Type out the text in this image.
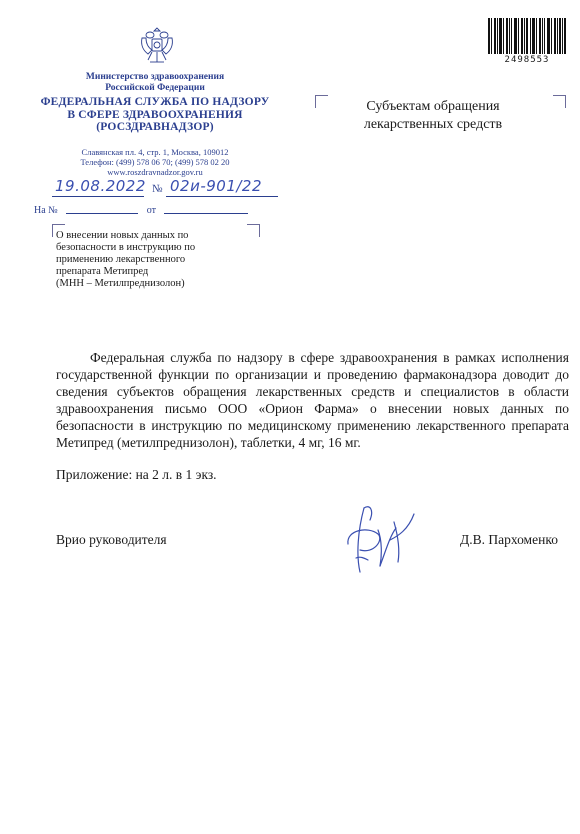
Министерство здравоохранения
Российской Федерации
ФЕДЕРАЛЬНАЯ СЛУЖБА ПО НАДЗОРУ
В СФЕРЕ ЗДРАВООХРАНЕНИЯ
(РОСЗДРАВНАДЗОР)
Славянская пл. 4, стр. 1, Москва, 109012
Телефон: (499) 578 06 70; (499) 578 02 20
www.roszdravnadzor.gov.ru
19.08.2022 № 02и-901/22
На №	от
О внесении новых данных по
безопасности в инструкцию по
применению лекарственного
препарата Метипред
(МНН – Метилпреднизолон)
2498553
Субъектам обращения
лекарственных средств
Федеральная служба по надзору в сфере здравоохранения в рамках исполнения государственной функции по организации и проведению фармаконадзора доводит до сведения субъектов обращения лекарственных средств и специалистов в области здравоохранения письмо ООО «Орион Фарма» о внесении новых данных по безопасности в инструкцию по медицинскому применению лекарственного препарата Метипред (метилпреднизолон), таблетки, 4 мг, 16 мг.
Приложение: на 2 л. в 1 экз.
Врио руководителя	Д.В. Пархоменко
